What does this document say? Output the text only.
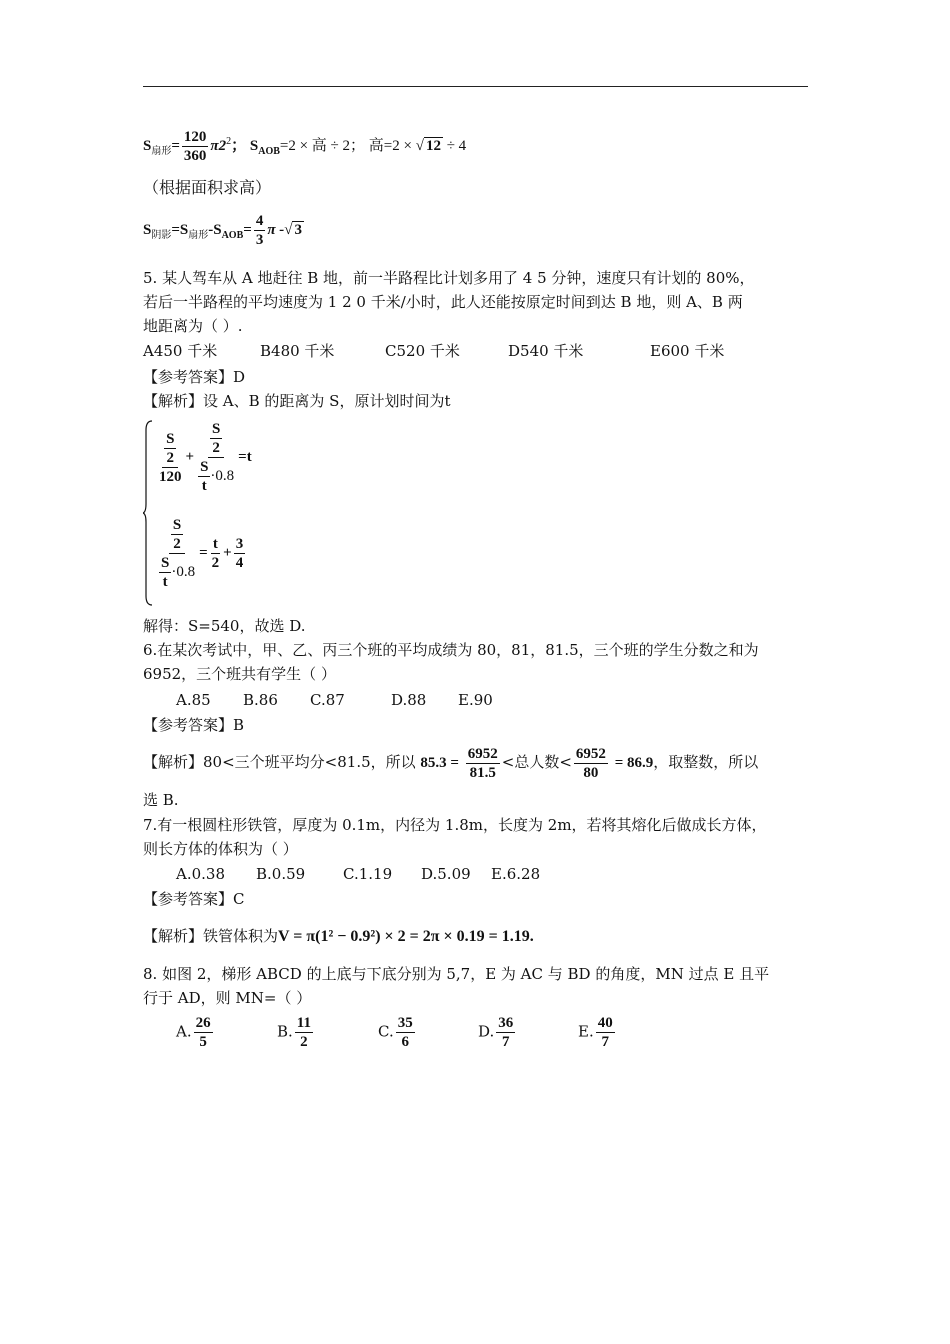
$S_{扇形}= \frac{120}{360} \pi 2^2$； $S_{AOB}=2$ × 高 ÷ 2； 高=2 × √ 12 ÷ 4
（根据面积求高）
$S_{阴影}=S_{扇形}-S_{AOB}= \frac{4}{3}$ π -√ 3
5. 某人驾车从 A 地赶往 B 地，前一半路程比计划多用了 4 5 分钟，速度只有计划的 80%，
若后一半路程的平均速度为 1 2 0 千米/小时，此人还能按原定时间到达 B 地，则 A、B 两
地距离为（ ）.
A450 千米	B480 千米	C520 千米	D540 千米	E600 千米
【参考答案】D
【解析】设 A、B 的距离为 S，原计划时间为t
$\frac{\frac{S}{2}}{120} + \frac{\frac{S}{2}}{\frac{S}{t} \cdot 0.8} =t$
$\frac{\frac{S}{2}}{\frac{S}{t} \cdot 0.8} = \frac{t}{2} + \frac{3}{4}$
解得：S=540，故选 D.
6.在某次考试中，甲、乙、丙三个班的平均成绩为 80，81，81.5，三个班的学生分数之和为
6952，三个班共有学生（ ）
A.85 B.86 C.87	D.88 E.90
【参考答案】B
【解析】80<三个班平均分<81.5，所以 $85.3 = \frac{6952}{81.5}$ <总人数< $\frac{6952}{80} = 86.9$，取整数，所以
选 B.
7.有一根圆柱形铁管，厚度为 0.1m，内径为 1.8m，长度为 2m，若将其熔化后做成长方体，
则长方体的体积为（ ）
A.0.38 B.0.59	C.1.19 D.5.09 E.6.28
【参考答案】C
【解析】铁管体积为V = π(1² − 0.9²) × 2 = 2π × 0.19 = 1.19.
8. 如图 2，梯形 ABCD 的上底与下底分别为 5,7，E 为 AC 与 BD 的角度，MN 过点 E 且平
行于 AD，则 MN=（ ）
A. $\frac{26}{5}$	B. $\frac{11}{2}$	C. $\frac{35}{6}$	D. $\frac{36}{7}$	E. $\frac{40}{7}$
